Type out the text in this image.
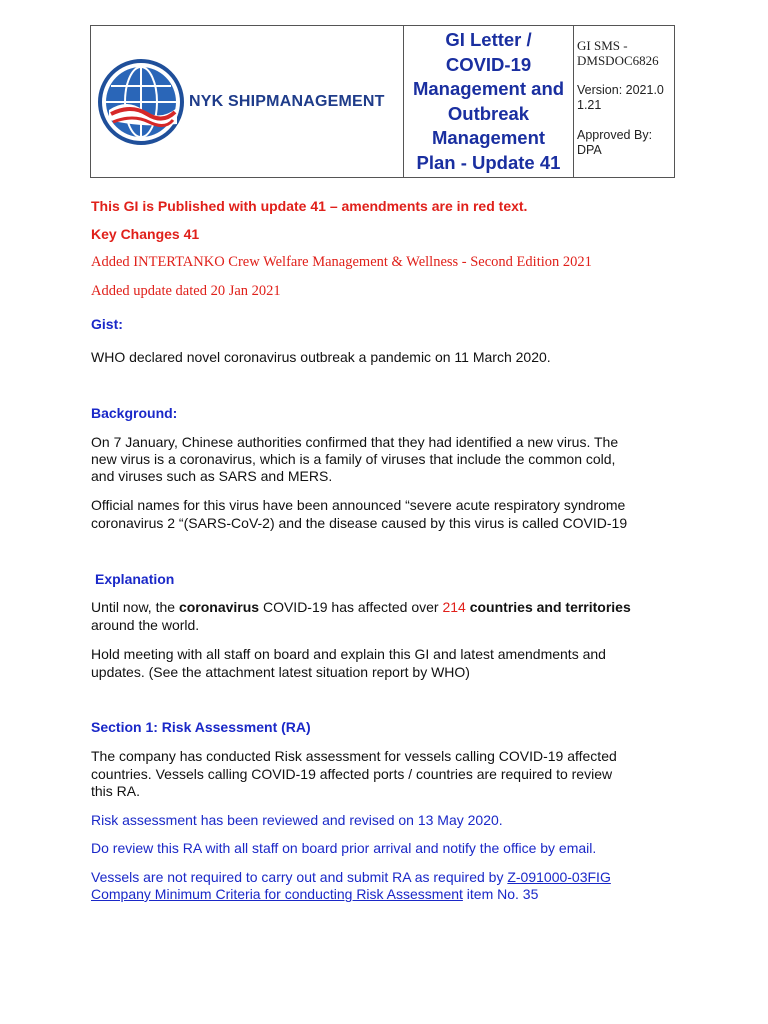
NYK SHIPMANAGEMENT
GI Letter /
COVID-19
Management and
Outbreak
Management
Plan - Update 41
GI SMS -
DMSDOC6826
Version: 2021.0
1.21
Approved By:
DPA
This GI is Published with update 41 – amendments are in red text.
Key Changes 41
Added INTERTANKO Crew Welfare Management & Wellness - Second Edition 2021
Added update dated 20 Jan 2021
Gist:
WHO declared novel coronavirus outbreak a pandemic on 11 March 2020.
Background:
On 7 January, Chinese authorities confirmed that they had identified a new virus. The
new virus is a coronavirus, which is a family of viruses that include the common cold,
and viruses such as SARS and MERS.
Official names for this virus have been announced “severe acute respiratory syndrome
coronavirus 2 “(SARS-CoV-2) and the disease caused by this virus is called COVID-19
Explanation
Until now, the coronavirus COVID-19 has affected over 214 countries and territories
around the world.
Hold meeting with all staff on board and explain this GI and latest amendments and
updates. (See the attachment latest situation report by WHO)
Section 1: Risk Assessment (RA)
The company has conducted Risk assessment for vessels calling COVID-19 affected
countries. Vessels calling COVID-19 affected ports / countries are required to review
this RA.
Risk assessment has been reviewed and revised on 13 May 2020.
Do review this RA with all staff on board prior arrival and notify the office by email.
Vessels are not required to carry out and submit RA as required by Z-091000-03FIG
Company Minimum Criteria for conducting Risk Assessment item No. 35
